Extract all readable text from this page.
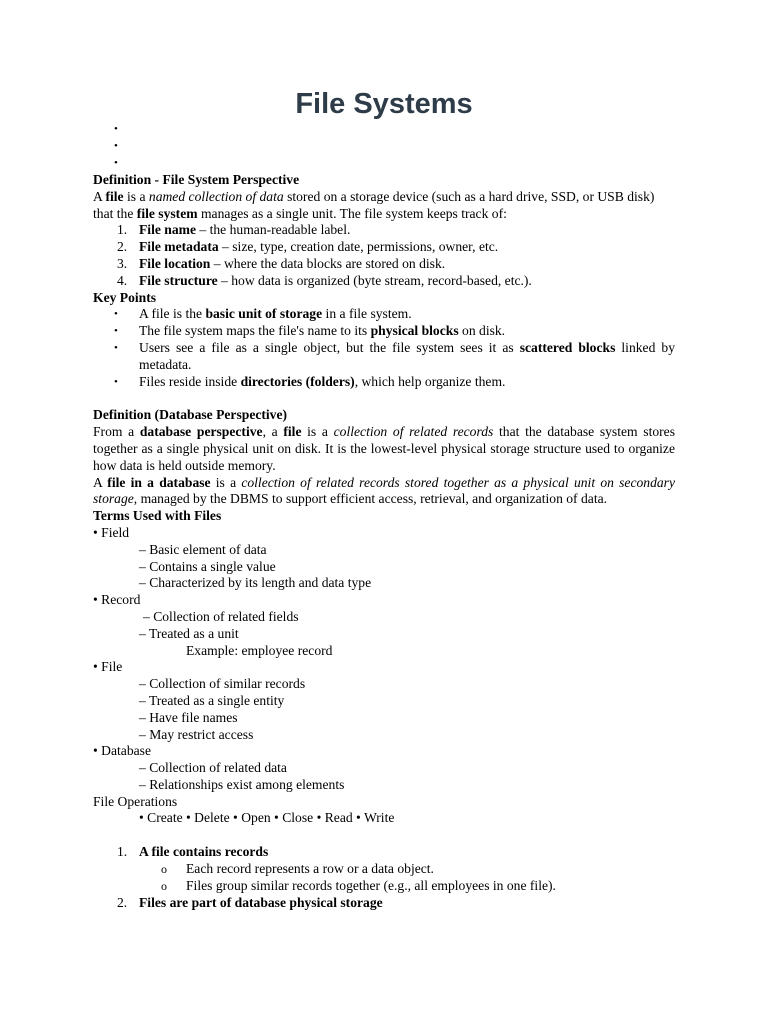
File Systems
•
•
•

Definition - File System Perspective

A file is a named collection of data stored on a storage device (such as a hard drive, SSD, or USB disk) that the file system manages as a single unit. The file system keeps track of:

1. File name – the human-readable label.
2. File metadata – size, type, creation date, permissions, owner, etc.
3. File location – where the data blocks are stored on disk.
4. File structure – how data is organized (byte stream, record-based, etc.).

Key Points

• A file is the basic unit of storage in a file system.
• The file system maps the file's name to its physical blocks on disk.
• Users see a file as a single object, but the file system sees it as scattered blocks linked by metadata.
• Files reside inside directories (folders), which help organize them.

Definition (Database Perspective)

From a database perspective, a file is a collection of related records that the database system stores together as a single physical unit on disk. It is the lowest-level physical storage structure used to organize how data is held outside memory.

A file in a database is a collection of related records stored together as a physical unit on secondary storage, managed by the DBMS to support efficient access, retrieval, and organization of data.

Terms Used with Files

• Field

– Basic element of data

– Contains a single value

– Characterized by its length and data type

• Record

– Collection of related fields

– Treated as a unit

Example: employee record

• File

– Collection of similar records

– Treated as a single entity

– Have file names

– May restrict access

• Database

– Collection of related data

– Relationships exist among elements

File Operations

• Create • Delete • Open • Close • Read • Write

1. A file contains records
o Each record represents a row or a data object.
o Files group similar records together (e.g., all employees in one file).
2. Files are part of database physical storage
